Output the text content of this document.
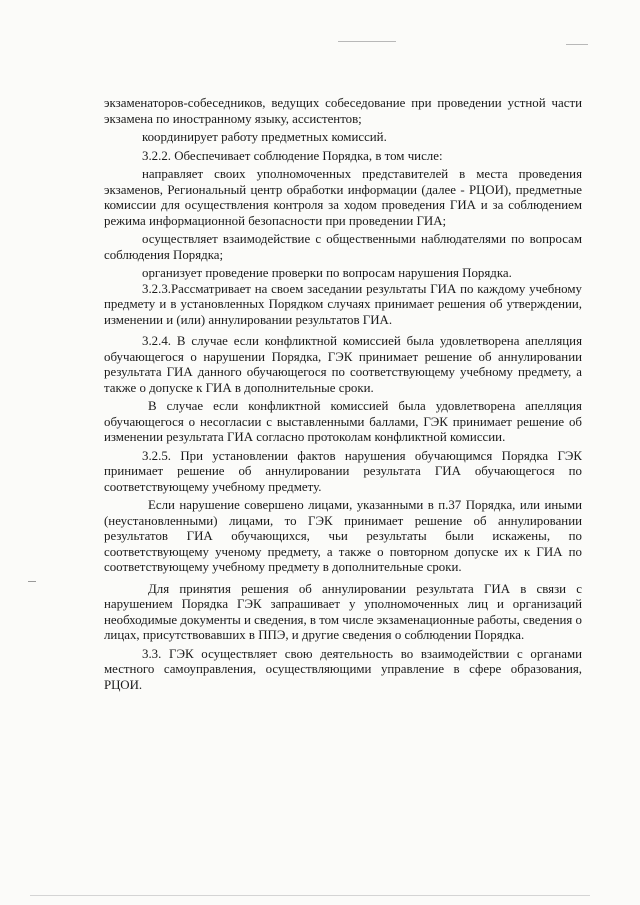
экзаменаторов-собеседников, ведущих собеседование при проведении устной части экзамена по иностранному языку, ассистентов;

координирует работу предметных комиссий.

3.2.2. Обеспечивает соблюдение Порядка, в том числе:

направляет своих уполномоченных представителей в места проведения экзаменов, Региональный центр обработки информации (далее - РЦОИ), предметные комиссии для осуществления контроля за ходом проведения ГИА и за соблюдением режима информационной безопасности при проведении ГИА;

осуществляет взаимодействие с общественными наблюдателями по вопросам соблюдения Порядка;

организует проведение проверки по вопросам нарушения Порядка.

3.2.3.Рассматривает на своем заседании результаты ГИА по каждому учебному предмету и в установленных Порядком случаях принимает решения об утверждении, изменении и (или) аннулировании результатов ГИА.

3.2.4. В случае если конфликтной комиссией была удовлетворена апелляция обучающегося о нарушении Порядка, ГЭК принимает решение об аннулировании результата ГИА данного обучающегося по соответствующему учебному предмету, а также о допуске к ГИА в дополнительные сроки.

В случае если конфликтной комиссией была удовлетворена апелляция обучающегося о несогласии с выставленными баллами, ГЭК принимает решение об изменении результата ГИА согласно протоколам конфликтной комиссии.

3.2.5. При установлении фактов нарушения обучающимся Порядка ГЭК принимает решение об аннулировании результата ГИА обучающегося по соответствующему учебному предмету.

Если нарушение совершено лицами, указанными в п.37 Порядка, или иными (неустановленными) лицами, то ГЭК принимает решение об аннулировании результатов ГИА обучающихся, чьи результаты были искажены, по соответствующему ученому предмету, а также о повторном допуске их к ГИА по соответствующему учебному предмету в дополнительные сроки.

Для принятия решения об аннулировании результата ГИА в связи с нарушением Порядка ГЭК запрашивает у уполномоченных лиц и организаций необходимые документы и сведения, в том числе экзаменационные работы, сведения о лицах, присутствовавших в ППЭ, и другие сведения о соблюдении Порядка.

3.3. ГЭК осуществляет свою деятельность во взаимодействии с органами местного самоуправления, осуществляющими управление в сфере образования, РЦОИ.
